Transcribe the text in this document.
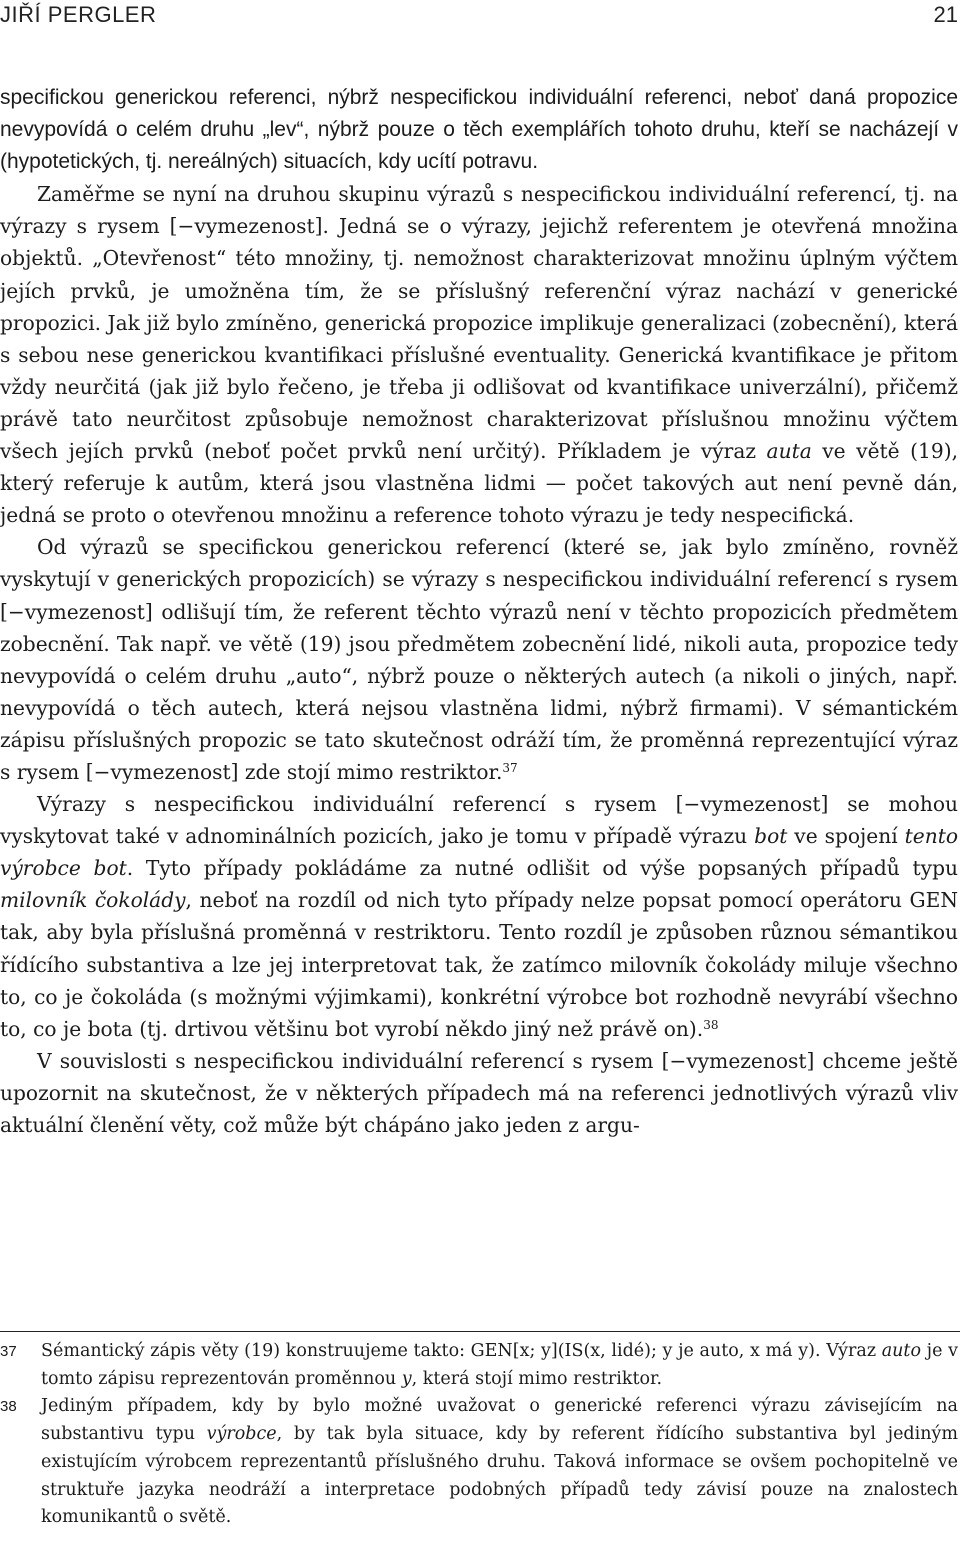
JIŘÍ PERGLER	21

specifickou generickou referenci, nýbrž nespecifickou individuální referenci, neboť daná propozice nevypovídá o celém druhu „lev“, nýbrž pouze o těch exemplářích tohoto druhu, kteří se nacházejí v (hypotetických, tj. nereálných) situacích, kdy ucítí potravu.

Zaměřme se nyní na druhou skupinu výrazů s nespecifickou individuální referencí, tj. na výrazy s rysem [−vymezenost]. Jedná se o výrazy, jejichž referentem je otevřená množina objektů. „Otevřenost“ této množiny, tj. nemožnost charakterizovat množinu úplným výčtem jejích prvků, je umožněna tím, že se příslušný referenční výraz nachází v generické propozici. Jak již bylo zmíněno, generická propozice implikuje generalizaci (zobecnění), která s sebou nese generickou kvantifikaci příslušné eventuality. Generická kvantifikace je přitom vždy neurčitá (jak již bylo řečeno, je třeba ji odlišovat od kvantifikace univerzální), přičemž právě tato neurčitost způsobuje nemožnost charakterizovat příslušnou množinu výčtem všech jejích prvků (neboť počet prvků není určitý). Příkladem je výraz auta ve větě (19), který referuje k autům, která jsou vlastněna lidmi — počet takových aut není pevně dán, jedná se proto o otevřenou množinu a reference tohoto výrazu je tedy nespecifická.

Od výrazů se specifickou generickou referencí (které se, jak bylo zmíněno, rovněž vyskytují v generických propozicích) se výrazy s nespecifickou individuální referencí s rysem [−vymezenost] odlišují tím, že referent těchto výrazů není v těchto propozicích předmětem zobecnění. Tak např. ve větě (19) jsou předmětem zobecnění lidé, nikoli auta, propozice tedy nevypovídá o celém druhu „auto“, nýbrž pouze o některých autech (a nikoli o jiných, např. nevypovídá o těch autech, která nejsou vlastněna lidmi, nýbrž firmami). V sémantickém zápisu příslušných propozic se tato skutečnost odráží tím, že proměnná reprezentující výraz s rysem [−vymezenost] zde stojí mimo restriktor.$^{37}$

Výrazy s nespecifickou individuální referencí s rysem [−vymezenost] se mohou vyskytovat také v adnominálních pozicích, jako je tomu v případě výrazu bot ve spojení tento výrobce bot. Tyto případy pokládáme za nutné odlišit od výše popsaných případů typu milovník čokolády, neboť na rozdíl od nich tyto případy nelze popsat pomocí operátoru GEN tak, aby byla příslušná proměnná v restriktoru. Tento rozdíl je způsoben různou sémantikou řídícího substantiva a lze jej interpretovat tak, že zatímco milovník čokolády miluje všechno to, co je čokoláda (s možnými výjimkami), konkrétní výrobce bot rozhodně nevyrábí všechno to, co je bota (tj. drtivou většinu bot vyrobí někdo jiný než právě on).$^{38}$

V souvislosti s nespecifickou individuální referencí s rysem [−vymezenost] chceme ještě upozornit na skutečnost, že v některých případech má na referenci jednotlivých výrazů vliv aktuální členění věty, což může být chápáno jako jeden z argu-

37 Sémantický zápis věty (19) konstruujeme takto: GEN[x; y](IS(x, lidé); y je auto, x má y). Výraz auto je v tomto zápisu reprezentován proměnnou y, která stojí mimo restriktor.
38 Jediným případem, kdy by bylo možné uvažovat o generické referenci výrazu závisejícím na substantivu typu výrobce, by tak byla situace, kdy by referent řídícího substantiva byl jediným existujícím výrobcem reprezentantů příslušného druhu. Taková informace se ovšem pochopitelně ve struktuře jazyka neodráží a interpretace podobných případů tedy závisí pouze na znalostech komunikantů o světě.
